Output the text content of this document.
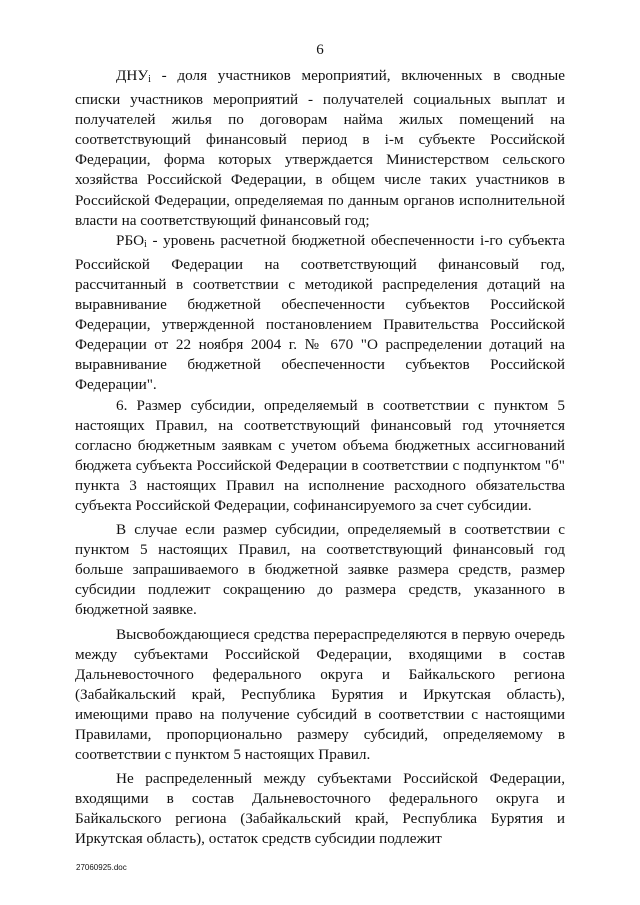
6

ДНУi - доля участников мероприятий, включенных в сводные списки участников мероприятий - получателей социальных выплат и получателей жилья по договорам найма жилых помещений на соответствующий финансовый период в i-м субъекте Российской Федерации, форма которых утверждается Министерством сельского хозяйства Российской Федерации, в общем числе таких участников в Российской Федерации, определяемая по данным органов исполнительной власти на соответствующий финансовый год;

РБОi - уровень расчетной бюджетной обеспеченности i-го субъекта Российской Федерации на соответствующий финансовый год, рассчитанный в соответствии с методикой распределения дотаций на выравнивание бюджетной обеспеченности субъектов Российской Федерации, утвержденной постановлением Правительства Российской Федерации от 22 ноября 2004 г. № 670 "О распределении дотаций на выравнивание бюджетной обеспеченности субъектов Российской Федерации".

6. Размер субсидии, определяемый в соответствии с пунктом 5 настоящих Правил, на соответствующий финансовый год уточняется согласно бюджетным заявкам с учетом объема бюджетных ассигнований бюджета субъекта Российской Федерации в соответствии с подпунктом "б" пункта 3 настоящих Правил на исполнение расходного обязательства субъекта Российской Федерации, софинансируемого за счет субсидии.

В случае если размер субсидии, определяемый в соответствии с пунктом 5 настоящих Правил, на соответствующий финансовый год больше запрашиваемого в бюджетной заявке размера средств, размер субсидии подлежит сокращению до размера средств, указанного в бюджетной заявке.

Высвобождающиеся средства перераспределяются в первую очередь между субъектами Российской Федерации, входящими в состав Дальневосточного федерального округа и Байкальского региона (Забайкальский край, Республика Бурятия и Иркутская область), имеющими право на получение субсидий в соответствии с настоящими Правилами, пропорционально размеру субсидий, определяемому в соответствии с пунктом 5 настоящих Правил.

Не распределенный между субъектами Российской Федерации, входящими в состав Дальневосточного федерального округа и Байкальского региона (Забайкальский край, Республика Бурятия и Иркутская область), остаток средств субсидии подлежит

27060925.doc
